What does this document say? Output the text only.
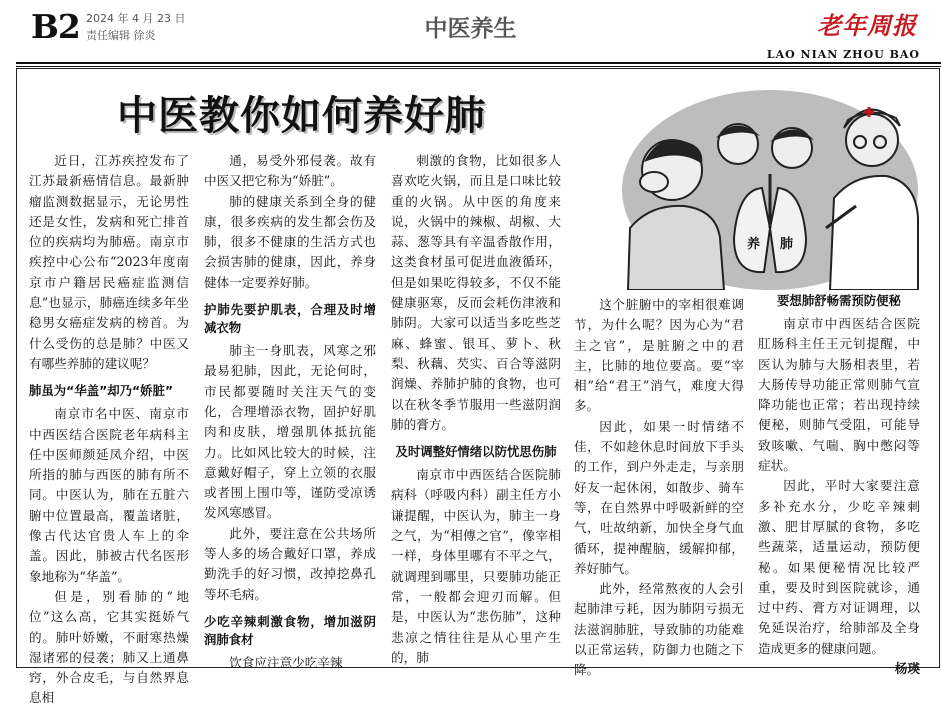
B2 2024 年 4 月 23 日
责任编辑 徐炎	中医养生	老年周报
LAO NIAN ZHOU BAO
中医教你如何养好肺
养 肺

近日，江苏疾控发布了江苏最新癌情信息。最新肿瘤监测数据显示，无论男性还是女性，发病和死亡排首位的疾病均为肺癌。南京市疾控中心公布“2023年度南京市户籍居民癌症监测信息”也显示，肺癌连续多年坐稳男女癌症发病的榜首。为什么受伤的总是肺？中医又有哪些养肺的建议呢？

肺虽为“华盖”却乃“娇脏”

南京市名中医、南京市中西医结合医院老年病科主任中医师颜延凤介绍，中医所指的肺与西医的肺有所不同。中医认为，肺在五脏六腑中位置最高，覆盖诸脏，像古代达官贵人车上的伞盖。因此，肺被古代名医形象地称为“华盖”。

但是，别看肺的“地位”这么高，它其实挺娇气的。肺叶娇嫩，不耐寒热燥湿诸邪的侵袭；肺又上通鼻窍，外合皮毛，与自然界息息相

通，易受外邪侵袭。故有中医又把它称为“娇脏”。

肺的健康关系到全身的健康，很多疾病的发生都会伤及肺，很多不健康的生活方式也会损害肺的健康，因此，养身健体一定要养好肺。

护肺先要护肌表，合理及时增减衣物

肺主一身肌表，风寒之邪最易犯肺，因此，无论何时，市民都要随时关注天气的变化，合理增添衣物，固护好肌肉和皮肤，增强肌体抵抗能力。比如风比较大的时候，注意戴好帽子，穿上立领的衣服或者围上围巾等，谨防受凉诱发风寒感冒。

此外，要注意在公共场所等人多的场合戴好口罩，养成勤洗手的好习惯，改掉挖鼻孔等坏毛病。

少吃辛辣刺激食物，增加滋阴润肺食材

饮食应注意少吃辛辣

刺激的食物，比如很多人喜欢吃火锅，而且是口味比较重的火锅。从中医的角度来说，火锅中的辣椒、胡椒、大蒜、葱等具有辛温香散作用，这类食材虽可促进血液循环，但是如果吃得较多，不仅不能健康驱寒，反而会耗伤津液和肺阴。大家可以适当多吃些芝麻、蜂蜜、银耳、萝卜、秋梨、秋藕、芡实、百合等滋阴润燥、养肺护肺的食物，也可以在秋冬季节服用一些滋阴润肺的膏方。

及时调整好情绪以防忧思伤肺

南京市中西医结合医院肺病科（呼吸内科）副主任方小谦提醒，中医认为，肺主一身之气，为“相傅之官”，像宰相一样，身体里哪有不平之气，就调理到哪里，只要肺功能正常，一般都会迎刃而解。但是，中医认为“悲伤肺”，这种悲凉之情往往是从心里产生的，肺

这个脏腑中的宰相很难调节，为什么呢？因为心为“君主之官”，是脏腑之中的君主，比肺的地位要高。要“宰相”给“君王”消气，难度大得多。

因此，如果一时情绪不佳，不如趁休息时间放下手头的工作，到户外走走，与亲朋好友一起休闲，如散步、骑车等，在自然界中呼吸新鲜的空气，吐故纳新，加快全身气血循环，提神醒脑，缓解抑郁，养好肺气。

此外，经常熬夜的人会引起肺津亏耗，因为肺阴亏损无法滋润肺脏，导致肺的功能难以正常运转，防御力也随之下降。

要想肺舒畅需预防便秘

南京市中西医结合医院肛肠科主任王元钊提醒，中医认为肺与大肠相表里，若大肠传导功能正常则肺气宣降功能也正常；若出现持续便秘，则肺气受阻，可能导致咳嗽、气喘、胸中憋闷等症状。

因此，平时大家要注意多补充水分，少吃辛辣刺激、肥甘厚腻的食物，多吃些蔬菜，适量运动，预防便秘。如果便秘情况比较严重，要及时到医院就诊，通过中药、膏方对证调理，以免延误治疗，给肺部及全身造成更多的健康问题。

杨瑛
